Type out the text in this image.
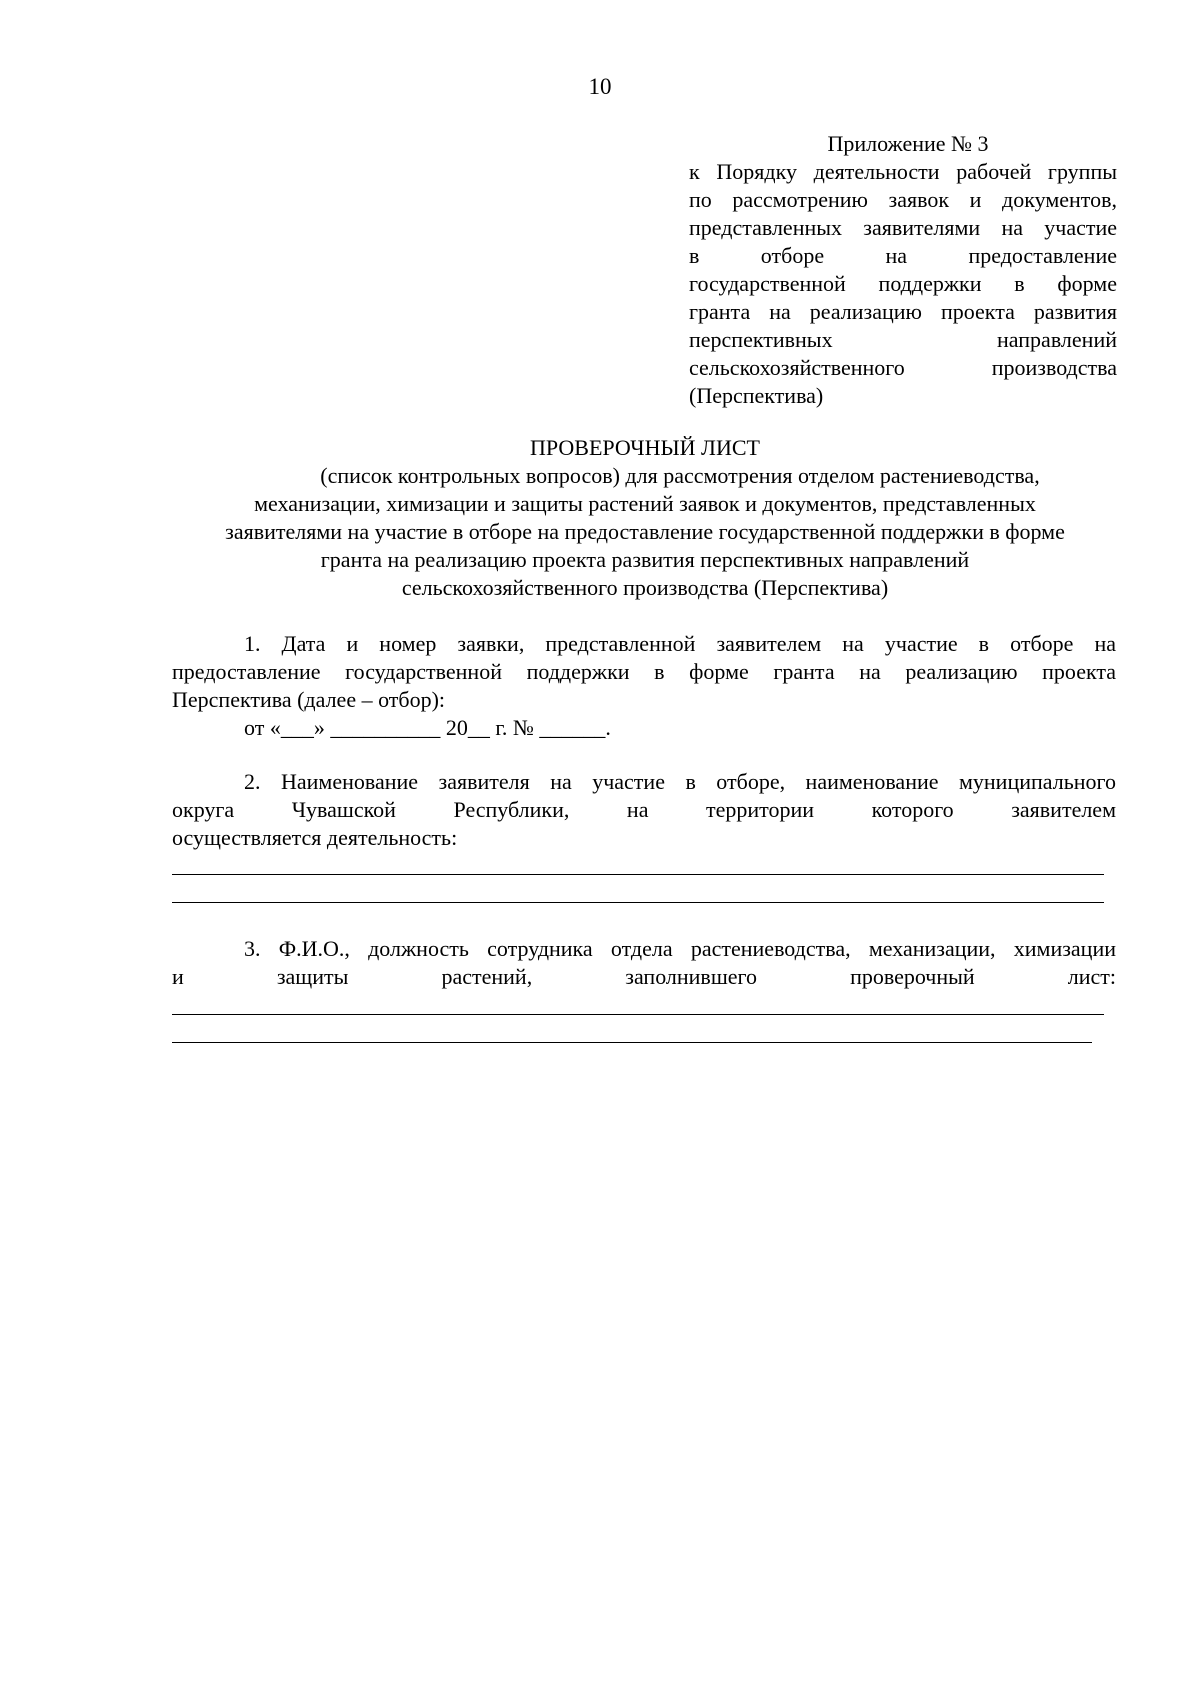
10
Приложение № 3
к Порядку деятельности рабочей группы
по рассмотрению заявок и документов,
представленных заявителями на участие
в отборе на предоставление
государственной поддержки в форме
гранта на реализацию проекта развития
перспективных направлений
сельскохозяйственного производства
(Перспектива)
ПРОВЕРОЧНЫЙ ЛИСТ
(список контрольных вопросов) для рассмотрения отделом растениеводства,
механизации, химизации и защиты растений заявок и документов, представленных
заявителями на участие в отборе на предоставление государственной поддержки в форме
гранта на реализацию проекта развития перспективных направлений
сельскохозяйственного производства (Перспектива)
1. Дата и номер заявки, представленной заявителем на участие в отборе на
предоставление государственной поддержки в форме гранта на реализацию проекта
Перспектива (далее – отбор):
от «___» __________ 20__ г. № ______.
2. Наименование заявителя на участие в отборе, наименование муниципального
округа Чувашской Республики, на территории которого заявителем
осуществляется деятельность:
3. Ф.И.О., должность сотрудника отдела растениеводства, механизации, химизации
и защиты растений, заполнившего проверочный лист:
